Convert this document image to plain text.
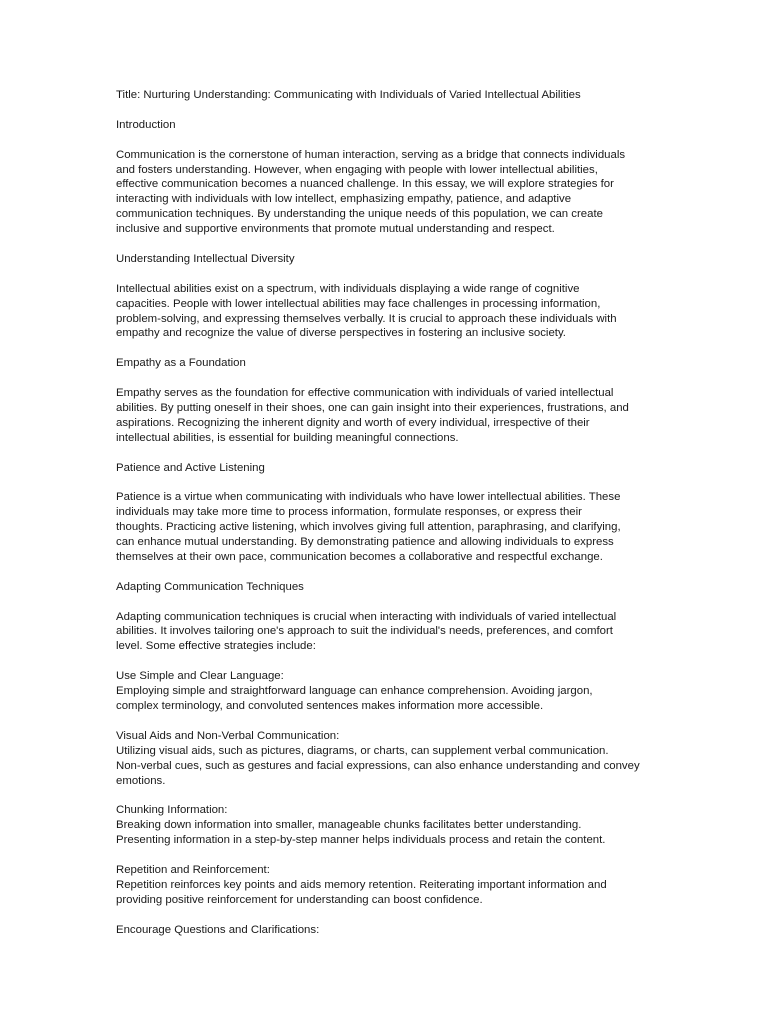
Title: Nurturing Understanding: Communicating with Individuals of Varied Intellectual Abilities

Introduction

Communication is the cornerstone of human interaction, serving as a bridge that connects individuals
and fosters understanding. However, when engaging with people with lower intellectual abilities,
effective communication becomes a nuanced challenge. In this essay, we will explore strategies for
interacting with individuals with low intellect, emphasizing empathy, patience, and adaptive
communication techniques. By understanding the unique needs of this population, we can create
inclusive and supportive environments that promote mutual understanding and respect.

Understanding Intellectual Diversity

Intellectual abilities exist on a spectrum, with individuals displaying a wide range of cognitive
capacities. People with lower intellectual abilities may face challenges in processing information,
problem-solving, and expressing themselves verbally. It is crucial to approach these individuals with
empathy and recognize the value of diverse perspectives in fostering an inclusive society.

Empathy as a Foundation

Empathy serves as the foundation for effective communication with individuals of varied intellectual
abilities. By putting oneself in their shoes, one can gain insight into their experiences, frustrations, and
aspirations. Recognizing the inherent dignity and worth of every individual, irrespective of their
intellectual abilities, is essential for building meaningful connections.

Patience and Active Listening

Patience is a virtue when communicating with individuals who have lower intellectual abilities. These
individuals may take more time to process information, formulate responses, or express their
thoughts. Practicing active listening, which involves giving full attention, paraphrasing, and clarifying,
can enhance mutual understanding. By demonstrating patience and allowing individuals to express
themselves at their own pace, communication becomes a collaborative and respectful exchange.

Adapting Communication Techniques

Adapting communication techniques is crucial when interacting with individuals of varied intellectual
abilities. It involves tailoring one's approach to suit the individual's needs, preferences, and comfort
level. Some effective strategies include:

Use Simple and Clear Language:
Employing simple and straightforward language can enhance comprehension. Avoiding jargon,
complex terminology, and convoluted sentences makes information more accessible.

Visual Aids and Non-Verbal Communication:
Utilizing visual aids, such as pictures, diagrams, or charts, can supplement verbal communication.
Non-verbal cues, such as gestures and facial expressions, can also enhance understanding and convey
emotions.

Chunking Information:
Breaking down information into smaller, manageable chunks facilitates better understanding.
Presenting information in a step-by-step manner helps individuals process and retain the content.

Repetition and Reinforcement:
Repetition reinforces key points and aids memory retention. Reiterating important information and
providing positive reinforcement for understanding can boost confidence.

Encourage Questions and Clarifications:
